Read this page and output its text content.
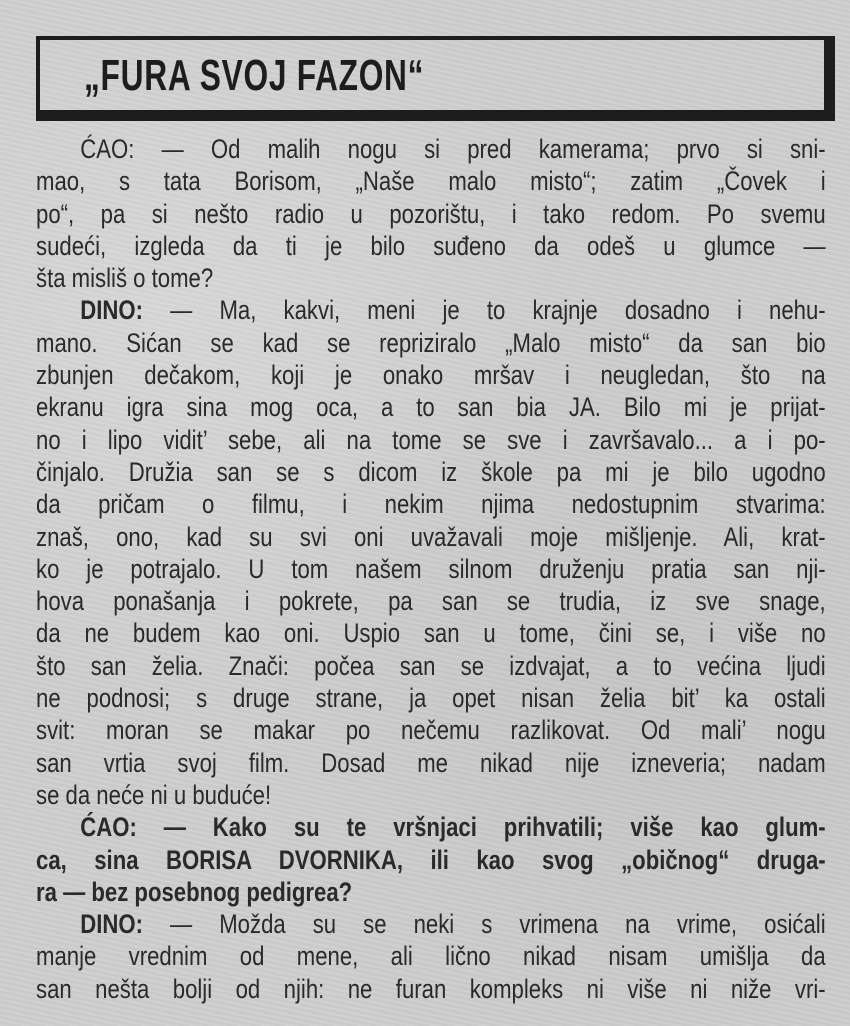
„FURA SVOJ FAZON“
ĆAO: — Od malih nogu si pred kamerama; prvo si sni-
mao, s tata Borisom, „Naše malo misto“; zatim „Čovek i
po“, pa si nešto radio u pozorištu, i tako redom. Po svemu
sudeći, izgleda da ti je bilo suđeno da odeš u glumce —
šta misliš o tome?
DINO: — Ma, kakvi, meni je to krajnje dosadno i nehu-
mano. Sićan se kad se repriziralo „Malo misto“ da san bio
zbunjen dečakom, koji je onako mršav i neugledan, što na
ekranu igra sina mog oca, a to san bia JA. Bilo mi je prijat-
no i lipo vidit’ sebe, ali na tome se sve i završavalo... a i po-
činjalo. Družia san se s dicom iz škole pa mi je bilo ugodno
da pričam o filmu, i nekim njima nedostupnim stvarima:
znaš, ono, kad su svi oni uvažavali moje mišljenje. Ali, krat-
ko je potrajalo. U tom našem silnom druženju pratia san nji-
hova ponašanja i pokrete, pa san se trudia, iz sve snage,
da ne budem kao oni. Uspio san u tome, čini se, i više no
što san želia. Znači: počea san se izdvajat, a to većina ljudi
ne podnosi; s druge strane, ja opet nisan želia bit’ ka ostali
svit: moran se makar po nečemu razlikovat. Od mali’ nogu
san vrtia svoj film. Dosad me nikad nije izneveria; nadam
se da neće ni u buduće!
ĆAO: — Kako su te vršnjaci prihvatili; više kao glum-
ca, sina BORISA DVORNIKA, ili kao svog „običnog“ druga-
ra — bez posebnog pedigrea?
DINO: — Možda su se neki s vrimena na vrime, osićali
manje vrednim od mene, ali lično nikad nisam umišlja da
san nešta bolji od njih: ne furan kompleks ni više ni niže vri-
